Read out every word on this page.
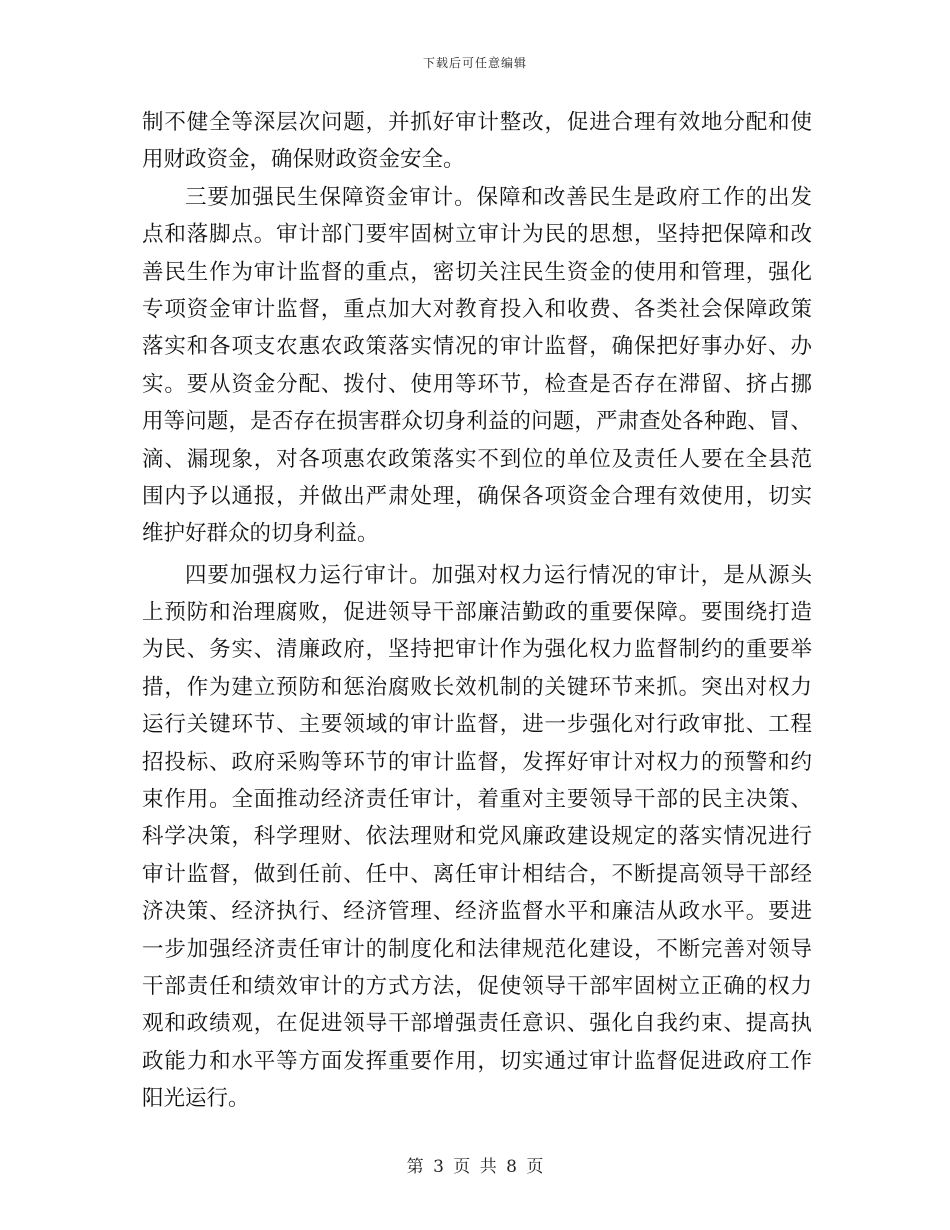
下载后可任意编辑
制不健全等深层次问题，并抓好审计整改，促进合理有效地分配和使
用财政资金，确保财政资金安全。
三要加强民生保障资金审计。保障和改善民生是政府工作的出发
点和落脚点。审计部门要牢固树立审计为民的思想，坚持把保障和改
善民生作为审计监督的重点，密切关注民生资金的使用和管理，强化
专项资金审计监督，重点加大对教育投入和收费、各类社会保障政策
落实和各项支农惠农政策落实情况的审计监督，确保把好事办好、办
实。要从资金分配、拨付、使用等环节，检查是否存在滞留、挤占挪
用等问题，是否存在损害群众切身利益的问题，严肃查处各种跑、冒、
滴、漏现象，对各项惠农政策落实不到位的单位及责任人要在全县范
围内予以通报，并做出严肃处理，确保各项资金合理有效使用，切实
维护好群众的切身利益。
四要加强权力运行审计。加强对权力运行情况的审计，是从源头
上预防和治理腐败，促进领导干部廉洁勤政的重要保障。要围绕打造
为民、务实、清廉政府，坚持把审计作为强化权力监督制约的重要举
措，作为建立预防和惩治腐败长效机制的关键环节来抓。突出对权力
运行关键环节、主要领域的审计监督，进一步强化对行政审批、工程
招投标、政府采购等环节的审计监督，发挥好审计对权力的预警和约
束作用。全面推动经济责任审计，着重对主要领导干部的民主决策、
科学决策，科学理财、依法理财和党风廉政建设规定的落实情况进行
审计监督，做到任前、任中、离任审计相结合，不断提高领导干部经
济决策、经济执行、经济管理、经济监督水平和廉洁从政水平。要进
一步加强经济责任审计的制度化和法律规范化建设，不断完善对领导
干部责任和绩效审计的方式方法，促使领导干部牢固树立正确的权力
观和政绩观，在促进领导干部增强责任意识、强化自我约束、提高执
政能力和水平等方面发挥重要作用，切实通过审计监督促进政府工作
阳光运行。
第 3 页 共 8 页
